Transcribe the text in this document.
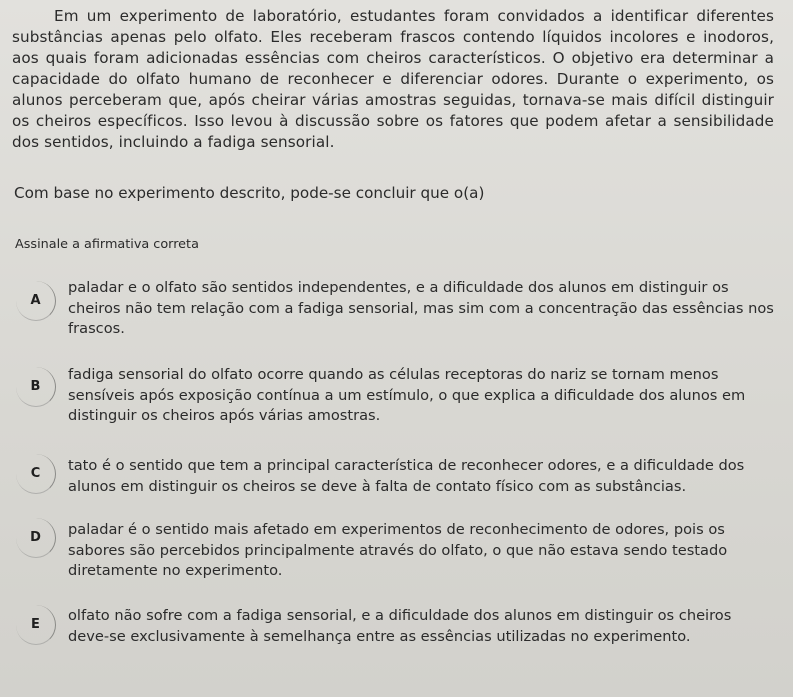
Em um experimento de laboratório, estudantes foram convidados a identificar diferentes substâncias apenas pelo olfato. Eles receberam frascos contendo líquidos incolores e inodoros, aos quais foram adicionadas essências com cheiros característicos. O objetivo era determinar a capacidade do olfato humano de reconhecer e diferenciar odores. Durante o experimento, os alunos perceberam que, após cheirar várias amostras seguidas, tornava-se mais difícil distinguir os cheiros específicos. Isso levou à discussão sobre os fatores que podem afetar a sensibilidade dos sentidos, incluindo a fadiga sensorial.
Com base no experimento descrito, pode-se concluir que o(a)
Assinale a afirmativa correta
A
paladar e o olfato são sentidos independentes, e a dificuldade dos alunos em distinguir os cheiros não tem relação com a fadiga sensorial, mas sim com a concentração das essências nos frascos.
B
fadiga sensorial do olfato ocorre quando as células receptoras do nariz se tornam menos sensíveis após exposição contínua a um estímulo, o que explica a dificuldade dos alunos em distinguir os cheiros após várias amostras.
C	tato é o sentido que tem a principal característica de reconhecer odores, e a dificuldade dos alunos em distinguir os cheiros se deve à falta de contato físico com as substâncias.
D	paladar é o sentido mais afetado em experimentos de reconhecimento de odores, pois os sabores são percebidos principalmente através do olfato, o que não estava sendo testado diretamente no experimento.
E
olfato não sofre com a fadiga sensorial, e a dificuldade dos alunos em distinguir os cheiros deve-se exclusivamente à semelhança entre as essências utilizadas no experimento.
